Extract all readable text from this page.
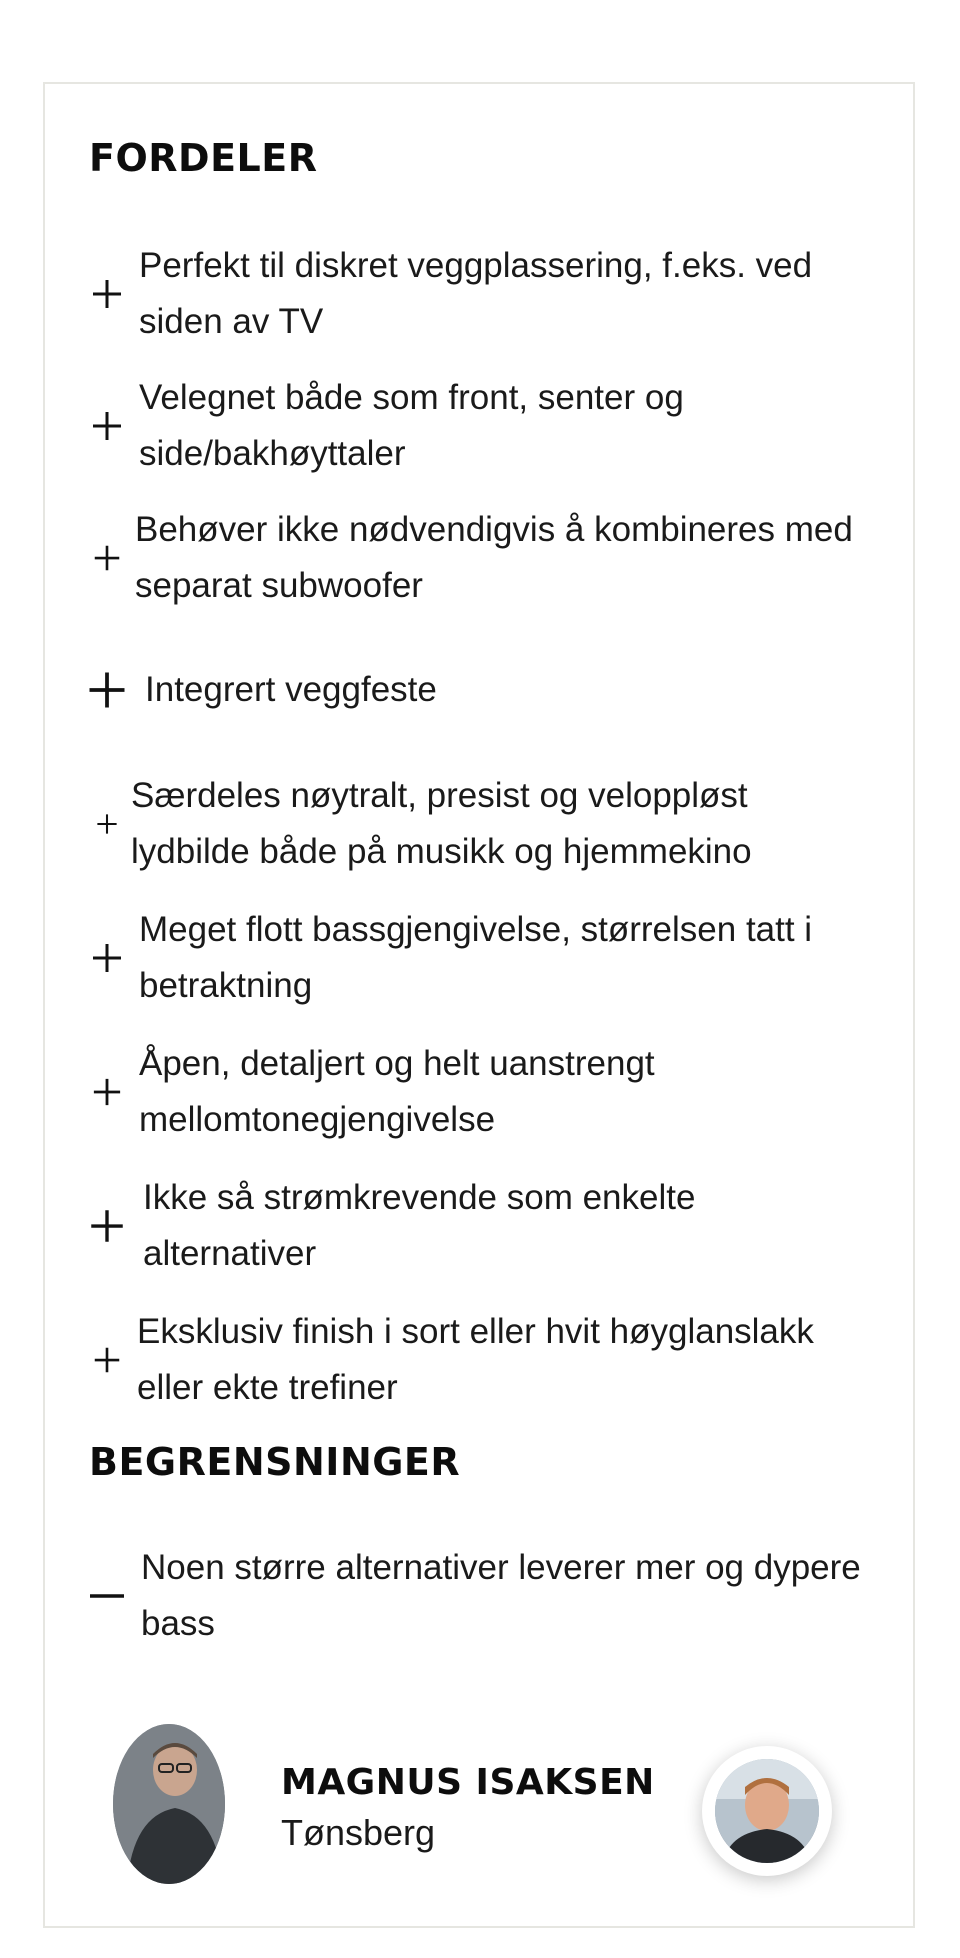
FORDELER
Perfekt til diskret veggplassering, f.eks. ved siden av TV
Velegnet både som front, senter og side/bakhøyttaler
Behøver ikke nødvendigvis å kombineres med separat subwoofer
Integrert veggfeste
Særdeles nøytralt, presist og veloppløst lydbilde både på musikk og hjemmekino
Meget flott bassgjengivelse, størrelsen tatt i betraktning
Åpen, detaljert og helt uanstrengt mellomtonegjengivelse
Ikke så strømkrevende som enkelte alternativer
Eksklusiv finish i sort eller hvit høyglanslakk eller ekte trefiner
BEGRENSNINGER
Noen større alternativer leverer mer og dypere bass
MAGNUS ISAKSEN
Tønsberg
